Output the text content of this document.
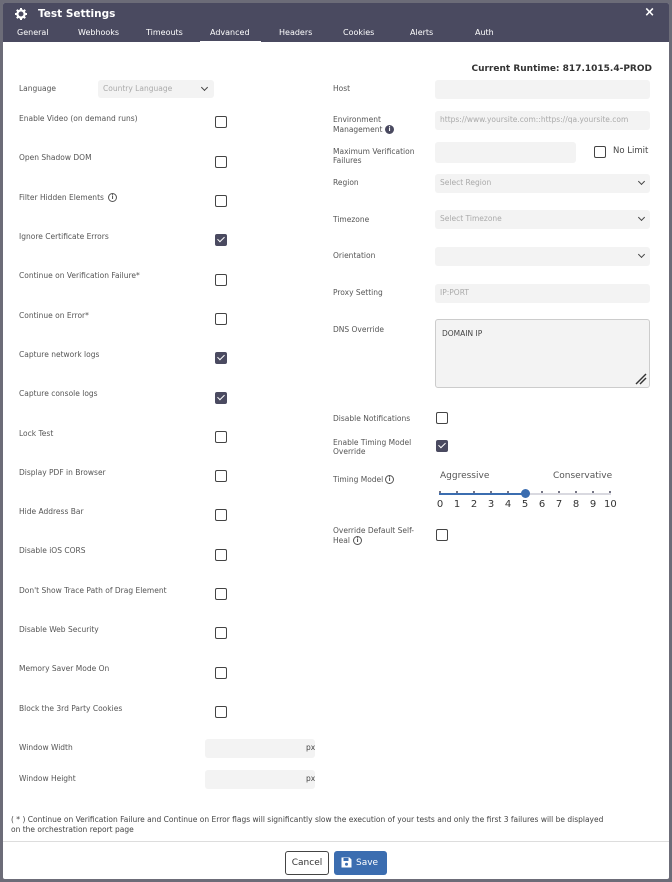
Test Settings	×
General	Webhooks	Timeouts	Advanced	Headers	Cookies	Alerts	Auth
Current Runtime: 817.1015.4-PROD
Language	Country Language
Enable Video (on demand runs)
Open Shadow DOM
Filter Hidden Elements
Ignore Certificate Errors
Continue on Verification Failure*
Continue on Error*
Capture network logs
Capture console logs
Lock Test
Display PDF in Browser
Hide Address Bar
Disable iOS CORS
Don't Show Trace Path of Drag Element
Disable Web Security
Memory Saver Mode On
Block the 3rd Party Cookies
i
Window Width	px
Window Height	px
Host
Environment
Management	i
https://www.yoursite.com::https://qa.yoursite.com
Maximum Verification
Failures
No Limit
Region	Select Region
Timezone	Select Timezone
Orientation
Proxy Setting	IP:PORT
DNS Override	DOMAIN IP
Disable Notifications
Enable Timing Model
Override
Timing Model i	Aggressive	Conservative
0 1 2 3 4 5 6 7 8 9 10
Override Default Self-
Heal	i
( * ) Continue on Verification Failure and Continue on Error flags will significantly slow the execution of your tests and only the first 3 failures will be displayed on the orchestration report page
Cancel	Save
